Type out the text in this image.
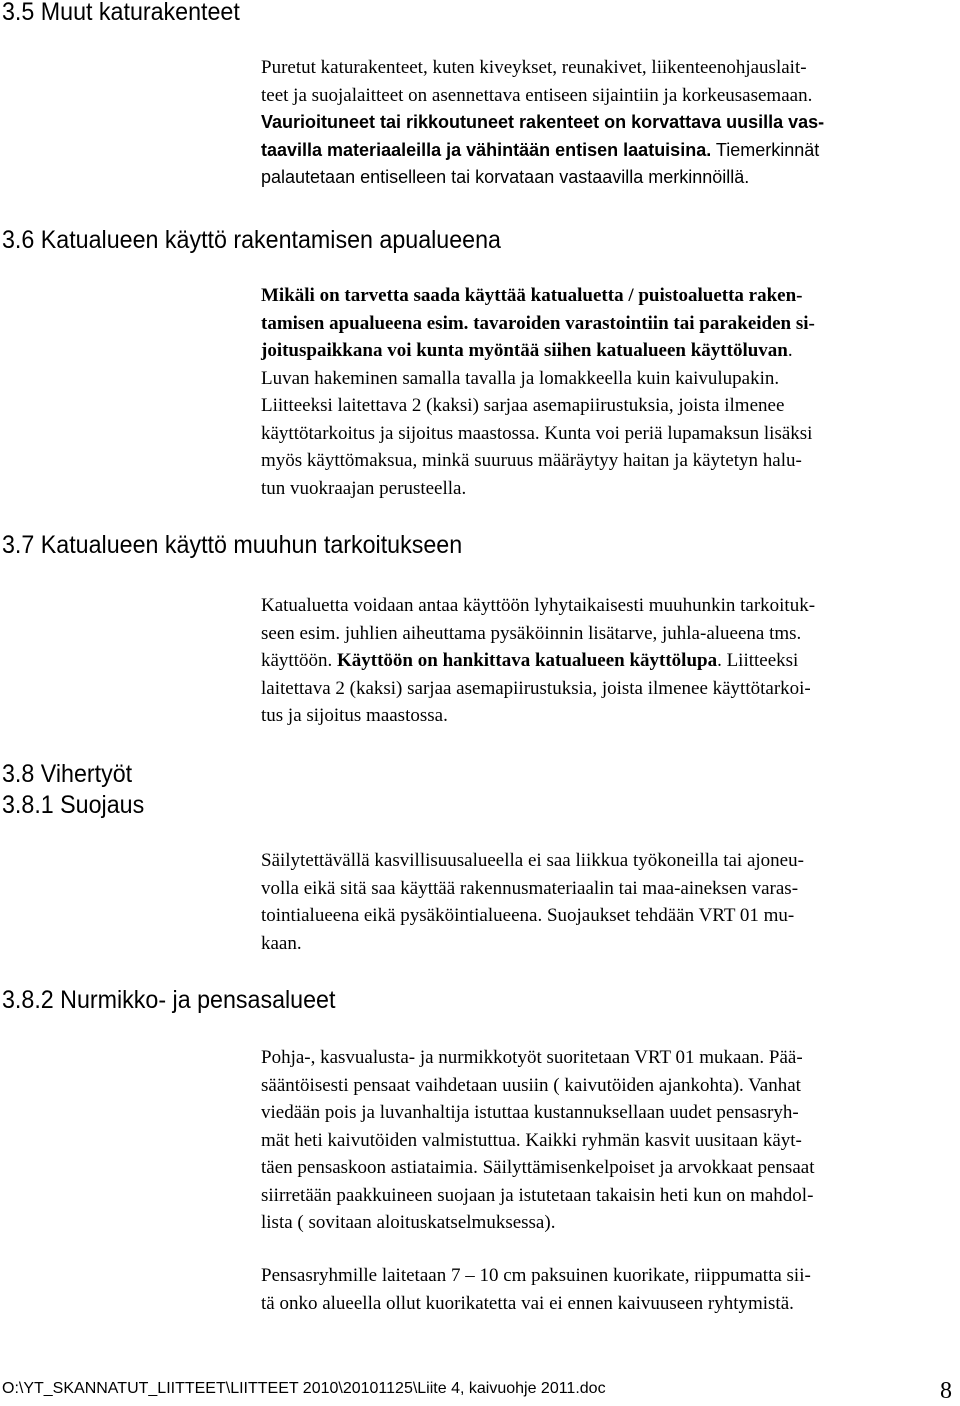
3.5 Muut katurakenteet
Puretut katurakenteet, kuten kiveykset, reunakivet, liikenteenohjauslait-
teet ja suojalaitteet on asennettava entiseen sijaintiin ja korkeusasemaan.
Vaurioituneet tai rikkoutuneet rakenteet on korvattava uusilla vas-
taavilla materiaaleilla ja vähintään entisen laatuisina. Tiemerkinnät
palautetaan entiselleen tai korvataan vastaavilla merkinnöillä.
3.6 Katualueen käyttö rakentamisen apualueena
Mikäli on tarvetta saada käyttää katualuetta / puistoaluetta raken-
tamisen apualueena esim. tavaroiden varastointiin tai parakeiden si-
joituspaikkana voi kunta myöntää siihen katualueen käyttöluvan.
Luvan hakeminen samalla tavalla ja lomakkeella kuin kaivulupakin.
Liitteeksi laitettava 2 (kaksi) sarjaa asemapiirustuksia, joista ilmenee
käyttötarkoitus ja sijoitus maastossa. Kunta voi periä lupamaksun lisäksi
myös käyttömaksua, minkä suuruus määräytyy haitan ja käytetyn halu-
tun vuokraajan perusteella.
3.7 Katualueen käyttö muuhun tarkoitukseen
Katualuetta voidaan antaa käyttöön lyhytaikaisesti muuhunkin tarkoituk-
seen esim. juhlien aiheuttama pysäköinnin lisätarve, juhla-alueena tms.
käyttöön. Käyttöön on hankittava katualueen käyttölupa. Liitteeksi
laitettava 2 (kaksi) sarjaa asemapiirustuksia, joista ilmenee käyttötarkoi-
tus ja sijoitus maastossa.
3.8 Vihertyöt
3.8.1 Suojaus
Säilytettävällä kasvillisuusalueella ei saa liikkua työkoneilla tai ajoneu-
volla eikä sitä saa käyttää rakennusmateriaalin tai maa-aineksen varas-
tointialueena eikä pysäköintialueena. Suojaukset tehdään VRT 01 mu-
kaan.
3.8.2 Nurmikko- ja pensasalueet
Pohja-, kasvualusta- ja nurmikkotyöt suoritetaan VRT 01 mukaan. Pää-
sääntöisesti pensaat vaihdetaan uusiin ( kaivutöiden ajankohta). Vanhat
viedään pois ja luvanhaltija istuttaa kustannuksellaan uudet pensasryh-
mät heti kaivutöiden valmistuttua. Kaikki ryhmän kasvit uusitaan käyt-
täen pensaskoon astiataimia. Säilyttämisenkelpoiset ja arvokkaat pensaat
siirretään paakkuineen suojaan ja istutetaan takaisin heti kun on mahdol-
lista ( sovitaan aloituskatselmuksessa).
Pensasryhmille laitetaan 7 – 10 cm paksuinen kuorikate, riippumatta sii-
tä onko alueella ollut kuorikatetta vai ei ennen kaivuuseen ryhtymistä.
O:\YT_SKANNATUT_LIITTEET\LIITTEET 2010\20101125\Liite 4, kaivuohje 2011.doc	8
